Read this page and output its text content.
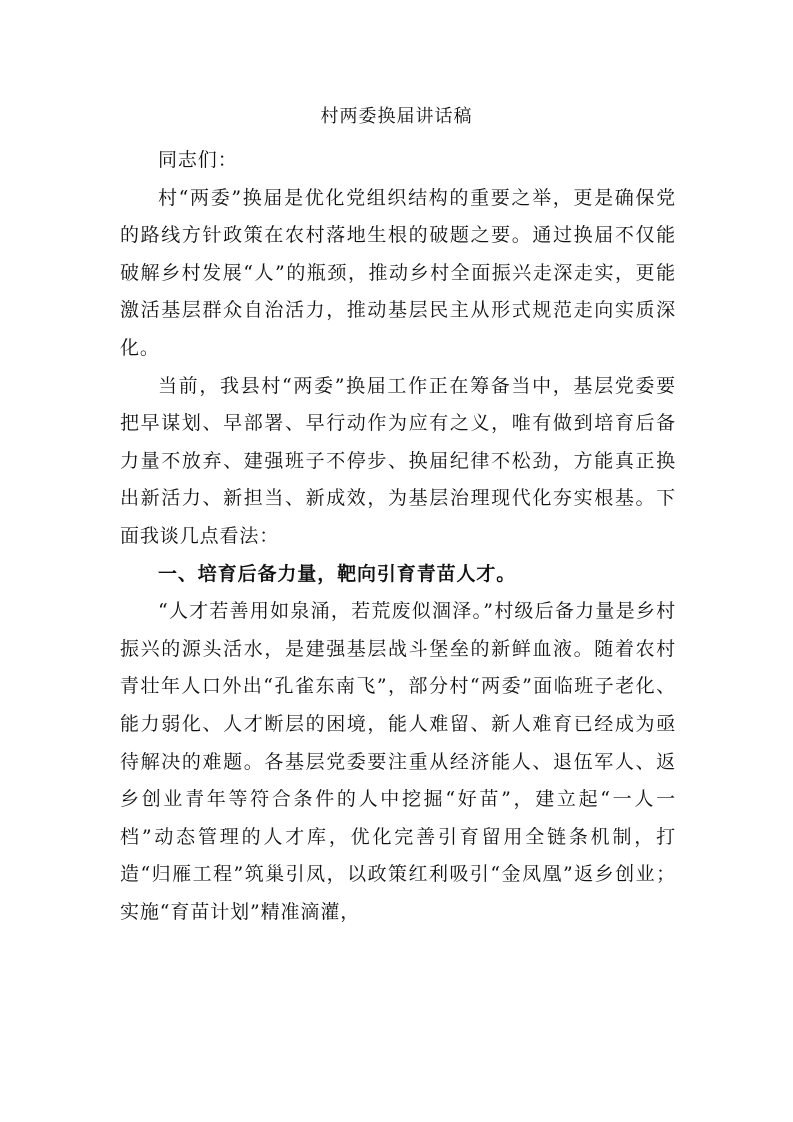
村两委换届讲话稿

同志们：

村“两委”换届是优化党组织结构的重要之举，更是确保党的路线方针政策在农村落地生根的破题之要。通过换届不仅能破解乡村发展“人”的瓶颈，推动乡村全面振兴走深走实，更能激活基层群众自治活力，推动基层民主从形式规范走向实质深化。

当前，我县村“两委”换届工作正在筹备当中，基层党委要把早谋划、早部署、早行动作为应有之义，唯有做到培育后备力量不放弃、建强班子不停步、换届纪律不松劲，方能真正换出新活力、新担当、新成效，为基层治理现代化夯实根基。下面我谈几点看法：

一、培育后备力量，靶向引育青苗人才。

“人才若善用如泉涌，若荒废似涸泽。”村级后备力量是乡村振兴的源头活水，是建强基层战斗堡垒的新鲜血液。随着农村青壮年人口外出“孔雀东南飞”，部分村“两委”面临班子老化、能力弱化、人才断层的困境，能人难留、新人难育已经成为亟待解决的难题。各基层党委要注重从经济能人、退伍军人、返乡创业青年等符合条件的人中挖掘“好苗”，建立起“一人一档”动态管理的人才库，优化完善引育留用全链条机制，打造“归雁工程”筑巢引凤，以政策红利吸引“金凤凰”返乡创业；实施“育苗计划”精准滴灌，
